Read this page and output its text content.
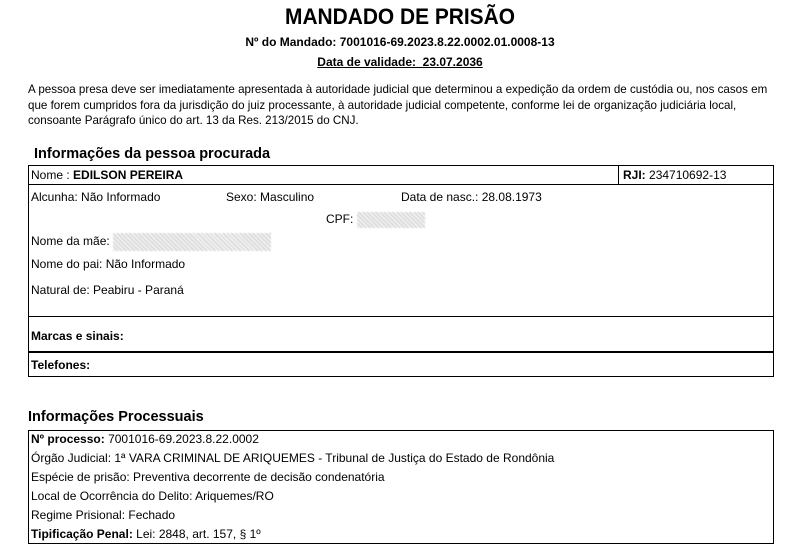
MANDADO DE PRISÃO
Nº do Mandado: 7001016-69.2023.8.22.0002.01.0008-13
Data de validade: 23.07.2036
A pessoa presa deve ser imediatamente apresentada à autoridade judicial que determinou a expedição da ordem de custódia ou, nos casos em que forem cumpridos fora da jurisdição do juiz processante, à autoridade judicial competente, conforme lei de organização judiciária local, consoante Parágrafo único do art. 13 da Res. 213/2015 do CNJ.
Informações da pessoa procurada
Nome : EDILSON PEREIRA	RJI: 234710692-13
Alcunha: Não Informado	Sexo: Masculino	Data de nasc.: 28.08.1973
CPF:
Nome da mãe:
Nome do pai: Não Informado
Natural de: Peabiru - Paraná
Marcas e sinais:
Telefones:
Informações Processuais
Nº processo: 7001016-69.2023.8.22.0002
Órgão Judicial: 1ª VARA CRIMINAL DE ARIQUEMES - Tribunal de Justiça do Estado de Rondônia
Espécie de prisão: Preventiva decorrente de decisão condenatória
Local de Ocorrência do Delito: Ariquemes/RO
Regime Prisional: Fechado
Tipificação Penal: Lei: 2848, art. 157, § 1º
